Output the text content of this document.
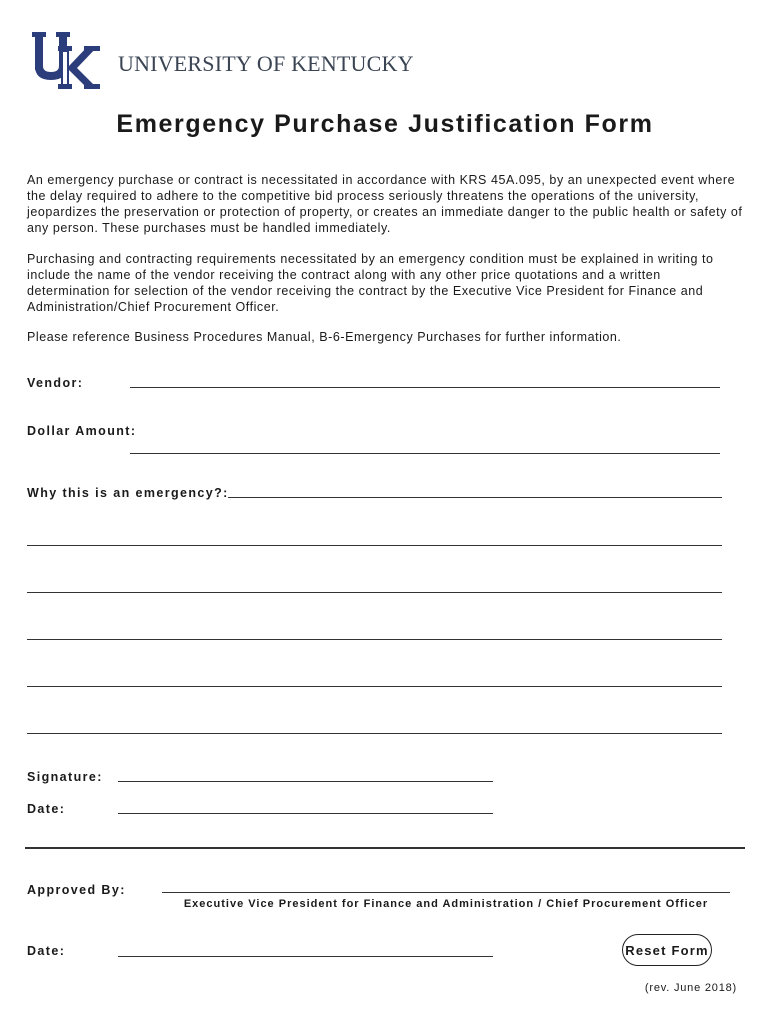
UNIVERSITY OF KENTUCKY
Emergency Purchase Justification Form

An emergency purchase or contract is necessitated in accordance with KRS 45A.095, by an unexpected event where the delay required to adhere to the competitive bid process seriously threatens the operations of the university, jeopardizes the preservation or protection of property, or creates an immediate danger to the public health or safety of any person. These purchases must be handled immediately.

Purchasing and contracting requirements necessitated by an emergency condition must be explained in writing to include the name of the vendor receiving the contract along with any other price quotations and a written determination for selection of the vendor receiving the contract by the Executive Vice President for Finance and Administration/Chief Procurement Officer.

Please reference Business Procedures Manual, B-6-Emergency Purchases for further information.

Vendor:
Dollar Amount:
Why this is an emergency?:
Signature:
Date:
Approved By:
Executive Vice President for Finance and Administration / Chief Procurement Officer
Date:	Reset Form
(rev. June 2018)
